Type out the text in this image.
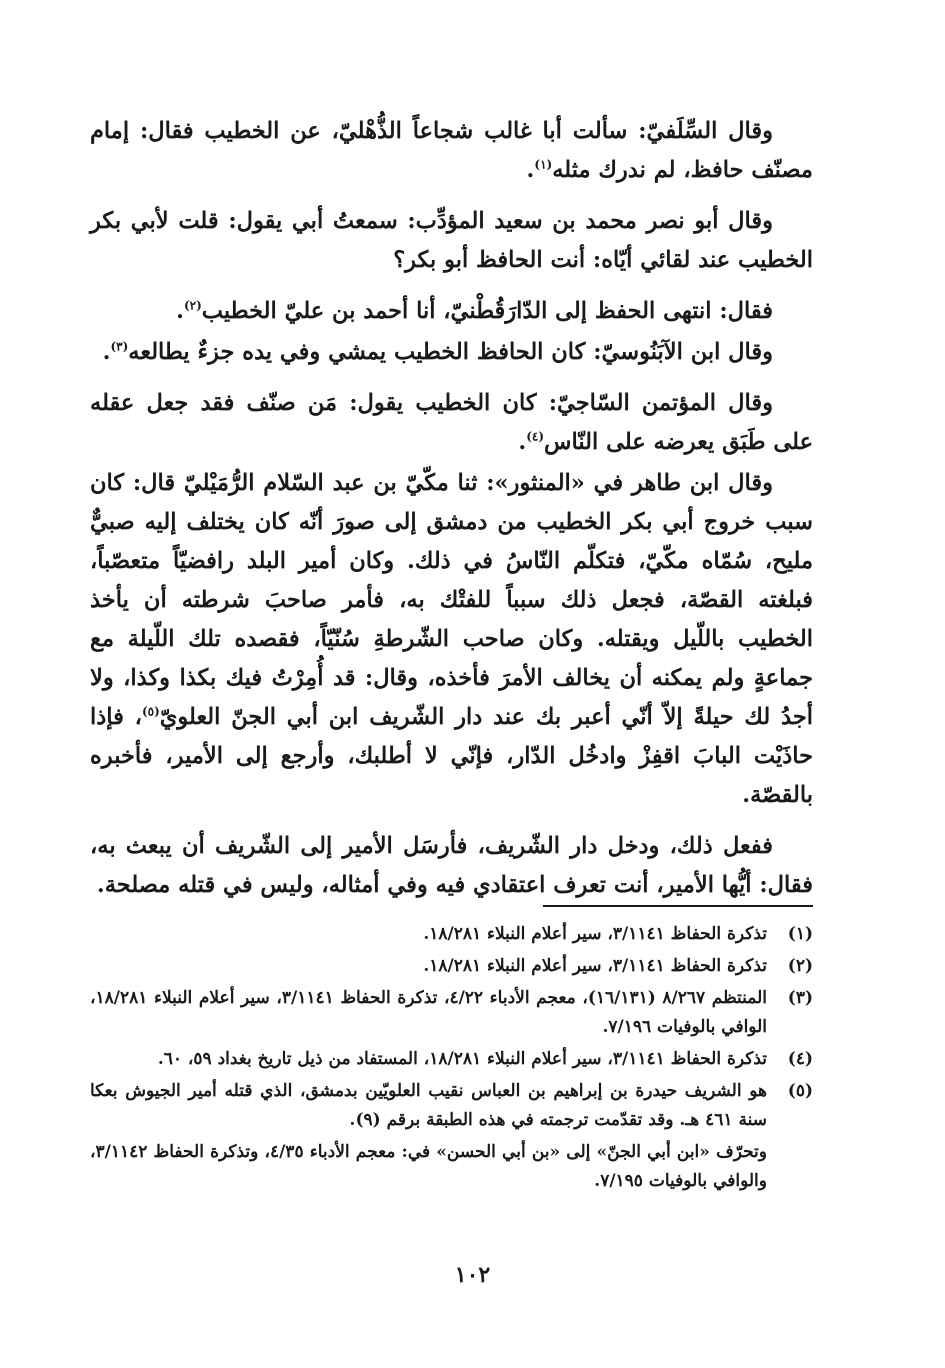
وقال السِّلَفيّ: سألت أبا غالب شجاعاً الذُّهْليّ، عن الخطيب فقال: إمام مصنّف حافظ، لم ندرك مثله$^{(١)}$.

وقال أبو نصر محمد بن سعيد المؤدِّب: سمعتُ أبي يقول: قلت لأبي بكر الخطيب عند لقائي أيّاه: أنت الحافظ أبو بكر؟

فقال: انتهى الحفظ إلى الدّارَقُطْنيّ، أنا أحمد بن عليّ الخطيب$^{(٢)}$.

وقال ابن الآبَنُوسيّ: كان الحافظ الخطيب يمشي وفي يده جزءٌ يطالعه$^{(٣)}$.

وقال المؤتمن السّاجيّ: كان الخطيب يقول: مَن صنّف فقد جعل عقله على طَبَق يعرضه على النّاس$^{(٤)}$.

وقال ابن طاهر في «المنثور»: ثنا مكّيّ بن عبد السّلام الرُّمَيْليّ قال: كان سبب خروج أبي بكر الخطيب من دمشق إلى صورَ أنّه كان يختلف إليه صبيٌّ مليح، سُمّاه مكّيّ، فتكلّم النّاسُ في ذلك. وكان أمير البلد رافضيّاً متعصّباً، فبلغته القصّة، فجعل ذلك سبباً للفتْك به، فأمر صاحبَ شرطته أن يأخذ الخطيب باللّيل ويقتله. وكان صاحب الشّرطةِ سُنّيّاً، فقصده تلك اللّيلة مع جماعةٍ ولم يمكنه أن يخالف الأمرَ فأخذه، وقال: قد أُمِرْتُ فيك بكذا وكذا، ولا أجدُ لك حيلةً إلاّ أنّي أعبر بك عند دار الشّريف ابن أبي الجنّ العلويّ$^{(٥)}$، فإذا حاذَيْت البابَ اقفِزْ وادخُل الدّار، فإنّي لا أطلبك، وأرجع إلى الأمير، فأخبره بالقصّة.

ففعل ذلك، ودخل دار الشّريف، فأرسَل الأمير إلى الشّريف أن يبعث به، فقال: أيُّها الأمير، أنت تعرف اعتقادي فيه وفي أمثاله، وليس في قتله مصلحة.

(١)
تذكرة الحفاظ ٣/١١٤١، سير أعلام النبلاء ١٨/٢٨١.
(٢)
تذكرة الحفاظ ٣/١١٤١، سير أعلام النبلاء ١٨/٢٨١.
(٣)
المنتظم ٨/٢٦٧ (١٦/١٣١)، معجم الأدباء ٤/٢٢، تذكرة الحفاظ ٣/١١٤١، سير أعلام النبلاء ١٨/٢٨١، الوافي بالوفيات ٧/١٩٦.
(٤)
تذكرة الحفاظ ٣/١١٤١، سير أعلام النبلاء ١٨/٢٨١، المستفاد من ذيل تاريخ بغداد ٥٩، ٦٠.
(٥)
هو الشريف حيدرة بن إبراهيم بن العباس نقيب العلويّين بدمشق، الذي قتله أمير الجيوش بعكا سنة ٤٦١ هـ. وقد تقدّمت ترجمته في هذه الطبقة برقم (٩).
وتحرّف «ابن أبي الجنّ» إلى «بن أبي الحسن» في: معجم الأدباء ٤/٣٥، وتذكرة الحفاظ ٣/١١٤٢، والوافي بالوفيات ٧/١٩٥.
١٠٢
